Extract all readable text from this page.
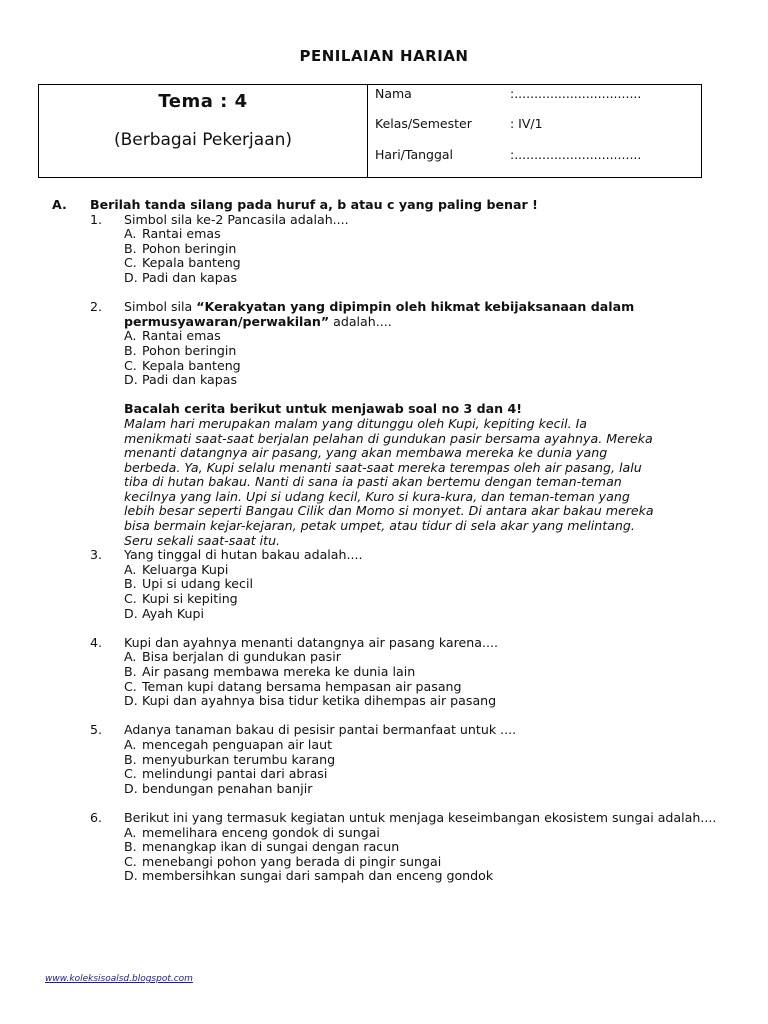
PENILAIAN HARIAN
Tema : 4
(Berbagai Pekerjaan)
Nama	:................................
Kelas/Semester	: IV/1
Hari/Tanggal	:................................
A.	Berilah tanda silang pada huruf a, b atau c yang paling benar !
1.	Simbol sila ke-2 Pancasila adalah....
A. Rantai emas
B. Pohon beringin
C. Kepala banteng
D. Padi dan kapas
2.	Simbol sila “Kerakyatan yang dipimpin oleh hikmat kebijaksanaan dalam permusyawaran/perwakilan” adalah....
A. Rantai emas
B. Pohon beringin
C. Kepala banteng
D. Padi dan kapas
Bacalah cerita berikut untuk menjawab soal no 3 dan 4!
Malam hari merupakan malam yang ditunggu oleh Kupi, kepiting kecil. Ia
menikmati saat-saat berjalan pelahan di gundukan pasir bersama ayahnya. Mereka
menanti datangnya air pasang, yang akan membawa mereka ke dunia yang
berbeda. Ya, Kupi selalu menanti saat-saat mereka terempas oleh air pasang, lalu
tiba di hutan bakau. Nanti di sana ia pasti akan bertemu dengan teman-teman
kecilnya yang lain. Upi si udang kecil, Kuro si kura-kura, dan teman-teman yang
lebih besar seperti Bangau Cilik dan Momo si monyet. Di antara akar bakau mereka
bisa bermain kejar-kejaran, petak umpet, atau tidur di sela akar yang melintang.
Seru sekali saat-saat itu.
3.	Yang tinggal di hutan bakau adalah....
A. Keluarga Kupi
B. Upi si udang kecil
C. Kupi si kepiting
D. Ayah Kupi
4.	Kupi dan ayahnya menanti datangnya air pasang karena....
A. Bisa berjalan di gundukan pasir
B. Air pasang membawa mereka ke dunia lain
C. Teman kupi datang bersama hempasan air pasang
D. Kupi dan ayahnya bisa tidur ketika dihempas air pasang
5.	Adanya tanaman bakau di pesisir pantai bermanfaat untuk ....
A. mencegah penguapan air laut
B. menyuburkan terumbu karang
C. melindungi pantai dari abrasi
D. bendungan penahan banjir
6.	Berikut ini yang termasuk kegiatan untuk menjaga keseimbangan ekosistem sungai adalah....
A. memelihara enceng gondok di sungai
B. menangkap ikan di sungai dengan racun
C. menebangi pohon yang berada di pingir sungai
D. membersihkan sungai dari sampah dan enceng gondok
www.koleksisoalsd.blogspot.com
